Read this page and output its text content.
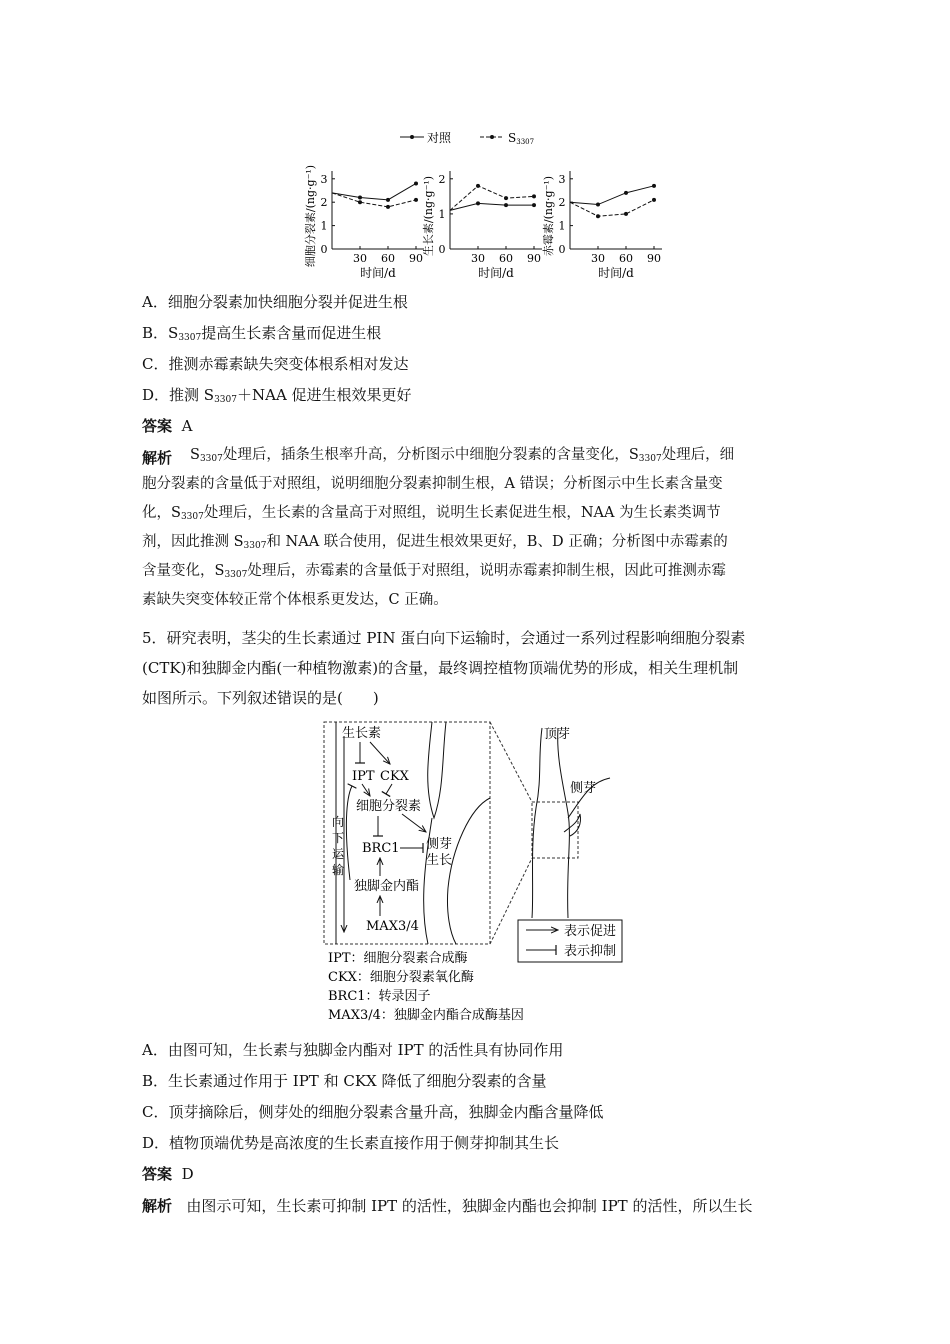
对照	S3307
0
1
2
3
30 60 90
时间/d
细胞分裂素/(ng·g⁻¹)	0
1
2
30 60 90
时间/d
生长素/(ng·g⁻¹)	0
1
2
3
30 60 90
时间/d
赤霉素/(ng·g⁻¹)
A．细胞分裂素加快细胞分裂并促进生根
B．$S_{3307}$提高生长素含量而促进生根
C．推测赤霉素缺失突变体根系相对发达
D．推测 $S_{3307}+NAA$ 促进生根效果更好
答案 A
解析 $S_{3307}$处理后，插条生根率升高，分析图示中细胞分裂素的含量变化，$S_{3307}$处理后，细
胞分裂素的含量低于对照组，说明细胞分裂素抑制生根，A 错误；分析图示中生长素含量变
化，$S_{3307}$处理后，生长素的含量高于对照组，说明生长素促进生根，NAA 为生长素类调节
剂，因此推测 $S_{3307}$和 NAA 联合使用，促进生根效果更好，B、D 正确；分析图中赤霉素的
含量变化，$S_{3307}$处理后，赤霉素的含量低于对照组，说明赤霉素抑制生根，因此可推测赤霉
素缺失突变体较正常个体根系更发达，C 正确。
5．研究表明，茎尖的生长素通过 PIN 蛋白向下运输时，会通过一系列过程影响细胞分裂素
(CTK)和独脚金内酯(一种植物激素)的含量，最终调控植物顶端优势的形成，相关生理机制
如图所示。下列叙述错误的是(　　)
向
下
运
输
生长素
IPT CKX
细胞分裂素
BRC1 侧芽
生长
独脚金内酯
MAX3/4
顶芽
侧芽
表示促进
表示抑制
IPT：细胞分裂素合成酶
CKX：细胞分裂素氧化酶
BRC1：转录因子
MAX3/4：独脚金内酯合成酶基因
A．由图可知，生长素与独脚金内酯对 IPT 的活性具有协同作用
B．生长素通过作用于 IPT 和 CKX 降低了细胞分裂素的含量
C．顶芽摘除后，侧芽处的细胞分裂素含量升高，独脚金内酯含量降低
D．植物顶端优势是高浓度的生长素直接作用于侧芽抑制其生长
答案 D
解析 由图示可知，生长素可抑制 IPT 的活性，独脚金内酯也会抑制 IPT 的活性，所以生长
